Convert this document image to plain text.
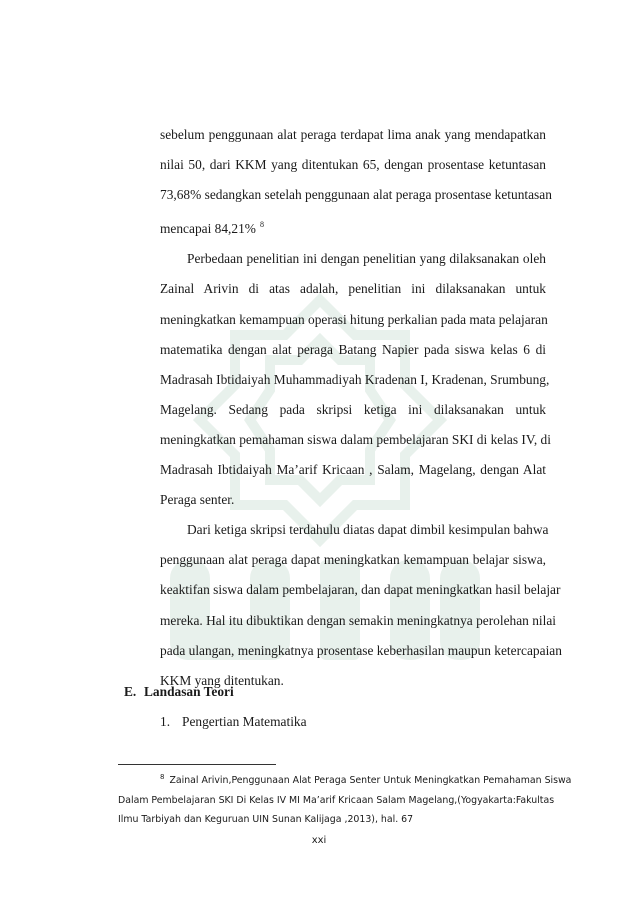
sebelum penggunaan alat peraga terdapat lima anak yang mendapatkan
nilai 50, dari KKM yang ditentukan 65, dengan prosentase ketuntasan
73,68% sedangkan setelah penggunaan alat peraga prosentase ketuntasan
mencapai 84,21% $^8$
Perbedaan penelitian ini dengan penelitian yang dilaksanakan oleh
Zainal Arivin di atas adalah, penelitian ini dilaksanakan untuk
meningkatkan kemampuan operasi hitung perkalian pada mata pelajaran
matematika dengan alat peraga Batang Napier pada siswa kelas 6 di
Madrasah Ibtidaiyah Muhammadiyah Kradenan I, Kradenan, Srumbung,
Magelang. Sedang pada skripsi ketiga ini dilaksanakan untuk
meningkatkan pemahaman siswa dalam pembelajaran SKI di kelas IV, di
Madrasah Ibtidaiyah Ma’arif Kricaan , Salam, Magelang, dengan Alat
Peraga senter.
Dari ketiga skripsi terdahulu diatas dapat dimbil kesimpulan bahwa
penggunaan alat peraga dapat meningkatkan kemampuan belajar siswa,
keaktifan siswa dalam pembelajaran, dan dapat meningkatkan hasil belajar
mereka. Hal itu dibuktikan dengan semakin meningkatnya perolehan nilai
pada ulangan, meningkatnya prosentase keberhasilan maupun ketercapaian
KKM yang ditentukan.
E. Landasan Teori
1. Pengertian Matematika
$^8$ Zainal Arivin,Penggunaan Alat Peraga Senter Untuk Meningkatkan Pemahaman Siswa
Dalam Pembelajaran SKI Di Kelas IV MI Ma’arif Kricaan Salam Magelang,(Yogyakarta:Fakultas
Ilmu Tarbiyah dan Keguruan UIN Sunan Kalijaga ,2013), hal. 67
xxi
